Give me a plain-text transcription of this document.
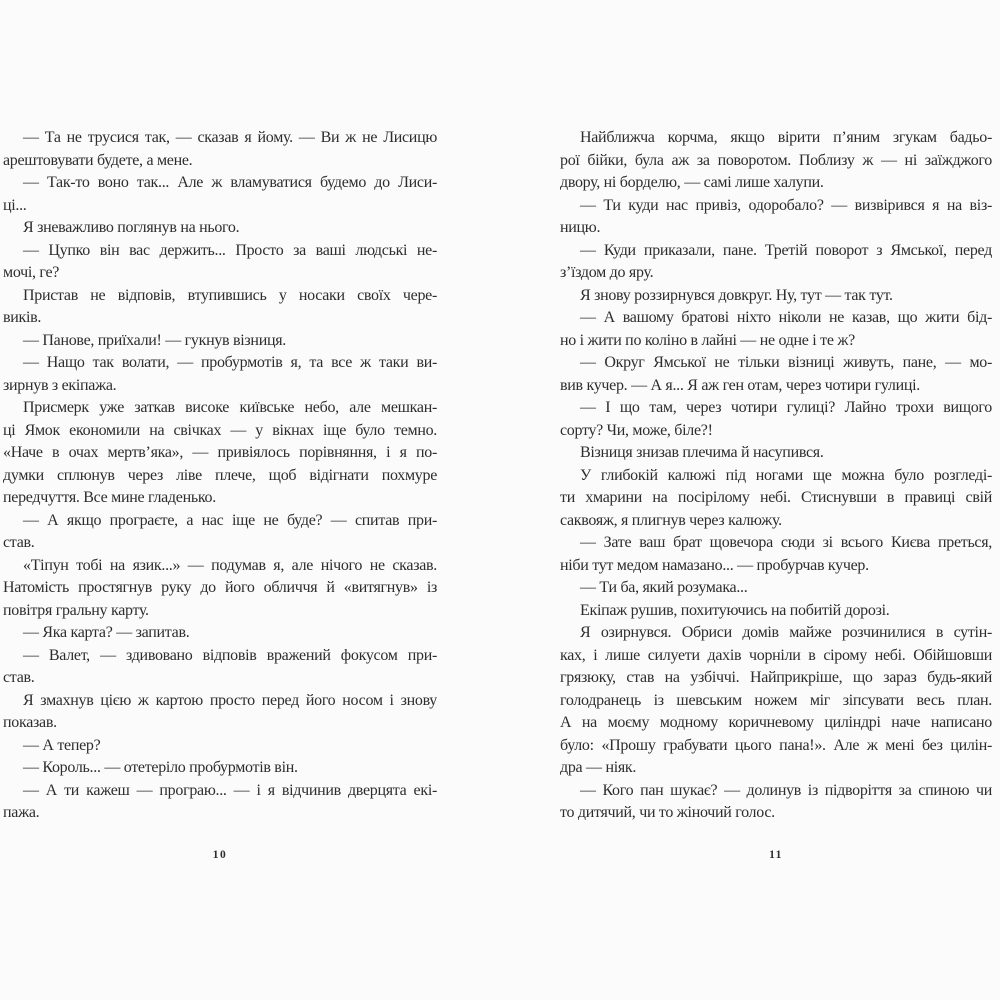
— Та не трусися так, — сказав я йому. — Ви ж не Лисицю
арештовувати будете, а мене.
— Так-то воно так... Але ж вламуватися будемо до Лиси-
ці...
Я зневажливо поглянув на нього.
— Цупко він вас держить... Просто за ваші людські не-
мочі, ге?
Пристав не відповів, втупившись у носаки своїх чере-
виків.
— Панове, приїхали! — гукнув візниця.
— Нащо так волати, — пробурмотів я, та все ж таки ви-
зирнув з екіпажа.
Присмерк уже заткав високе київське небо, але мешкан-
ці Ямок економили на свічках — у вікнах іще було темно.
«Наче в очах мертв’яка», — привіялось порівняння, і я по-
думки сплюнув через ліве плече, щоб відігнати похмуре
передчуття. Все мине гладенько.
— А якщо програєте, а нас іще не буде? — спитав при-
став.
«Тіпун тобі на язик...» — подумав я, але нічого не сказав.
Натомість простягнув руку до його обличчя й «витягнув» із
повітря гральну карту.
— Яка карта? — запитав.
— Валет, — здивовано відповів вражений фокусом при-
став.
Я змахнув цією ж картою просто перед його носом і знову
показав.
— А тепер?
— Король... — отетеріло пробурмотів він.
— А ти кажеш — програю... — і я відчинив дверцята екі-
пажа.
Найближча корчма, якщо вірити п’яним згукам бадьо-
рої бійки, була аж за поворотом. Поблизу ж — ні заїжджого
двору, ні борделю, — самі лише халупи.
— Ти куди нас привіз, одоробало? — визвірився я на віз-
ницю.
— Куди приказали, пане. Третій поворот з Ямської, перед
з’їздом до яру.
Я знову роззирнувся довкруг. Ну, тут — так тут.
— А вашому братові ніхто ніколи не казав, що жити бід-
но і жити по коліно в лайні — не одне і те ж?
— Округ Ямської не тільки візниці живуть, пане, — мо-
вив кучер. — А я... Я аж ген отам, через чотири гулиці.
— І що там, через чотири гулиці? Лайно трохи вищого
сорту? Чи, може, біле?!
Візниця знизав плечима й насупився.
У глибокій калюжі під ногами ще можна було розгледі-
ти хмарини на посірілому небі. Стиснувши в правиці свій
саквояж, я плигнув через калюжу.
— Зате ваш брат щовечора сюди зі всього Києва преться,
ніби тут медом намазано... — пробурчав кучер.
— Ти ба, який розумака...
Екіпаж рушив, похитуючись на побитій дорозі.
Я озирнувся. Обриси домів майже розчинилися в сутін-
ках, і лише силуети дахів чорніли в сірому небі. Обійшовши
грязюку, став на узбіччі. Найприкріше, що зараз будь-який
голодранець із шевським ножем міг зіпсувати весь план.
А на моєму модному коричневому циліндрі наче написано
було: «Прошу грабувати цього пана!». Але ж мені без цилін-
дра — ніяк.
— Кого пан шукає? — долинув із підворіття за спиною чи
то дитячий, чи то жіночий голос.
10	11
